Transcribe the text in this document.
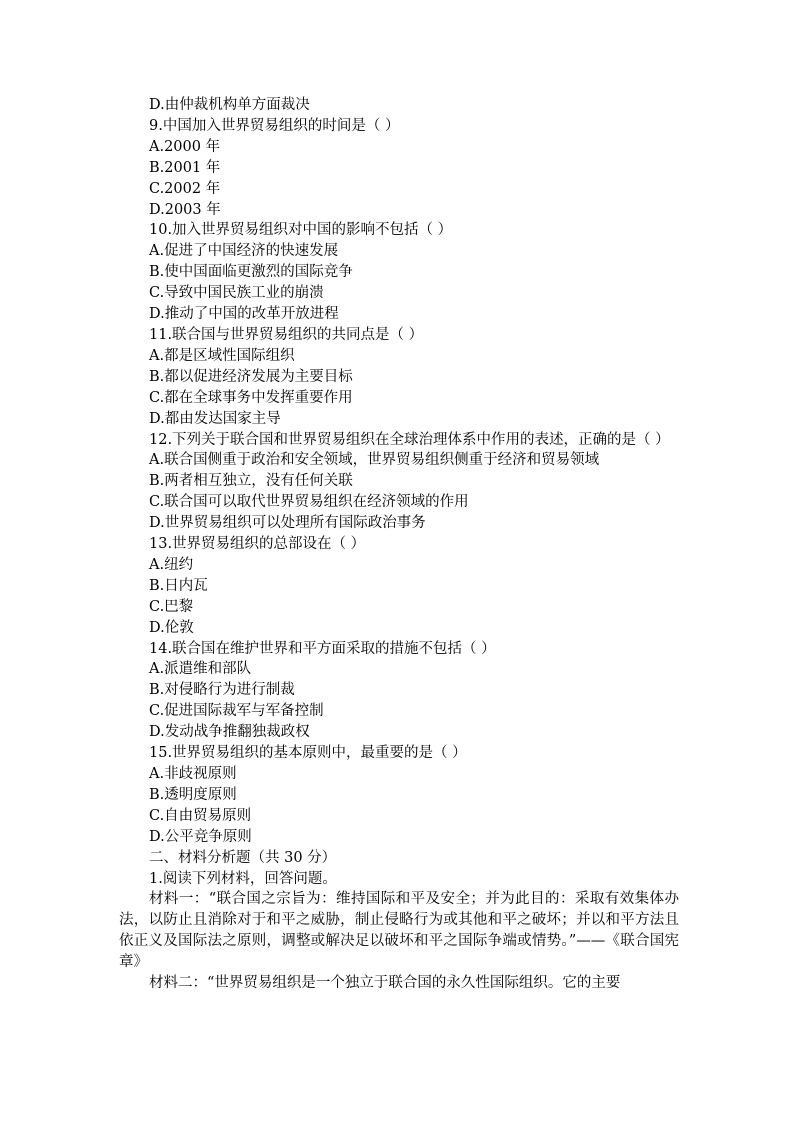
D.由仲裁机构单方面裁决
9.中国加入世界贸易组织的时间是（ ）
A.2000 年
B.2001 年
C.2002 年
D.2003 年
10.加入世界贸易组织对中国的影响不包括（ ）
A.促进了中国经济的快速发展
B.使中国面临更激烈的国际竞争
C.导致中国民族工业的崩溃
D.推动了中国的改革开放进程
11.联合国与世界贸易组织的共同点是（ ）
A.都是区域性国际组织
B.都以促进经济发展为主要目标
C.都在全球事务中发挥重要作用
D.都由发达国家主导
12.下列关于联合国和世界贸易组织在全球治理体系中作用的表述，正确的是（ ）
A.联合国侧重于政治和安全领域，世界贸易组织侧重于经济和贸易领域
B.两者相互独立，没有任何关联
C.联合国可以取代世界贸易组织在经济领域的作用
D.世界贸易组织可以处理所有国际政治事务
13.世界贸易组织的总部设在（ ）
A.纽约
B.日内瓦
C.巴黎
D.伦敦
14.联合国在维护世界和平方面采取的措施不包括（ ）
A.派遣维和部队
B.对侵略行为进行制裁
C.促进国际裁军与军备控制
D.发动战争推翻独裁政权
15.世界贸易组织的基本原则中，最重要的是（ ）
A.非歧视原则
B.透明度原则
C.自由贸易原则
D.公平竞争原则
二、材料分析题（共 30 分）
1.阅读下列材料，回答问题。
材料一：“联合国之宗旨为：维持国际和平及安全；并为此目的：采取有效集体办法，以防止且消除对于和平之威胁，制止侵略行为或其他和平之破坏；并以和平方法且依正义及国际法之原则，调整或解决足以破坏和平之国际争端或情势。”——《联合国宪章》
材料二：“世界贸易组织是一个独立于联合国的永久性国际组织。它的主要
